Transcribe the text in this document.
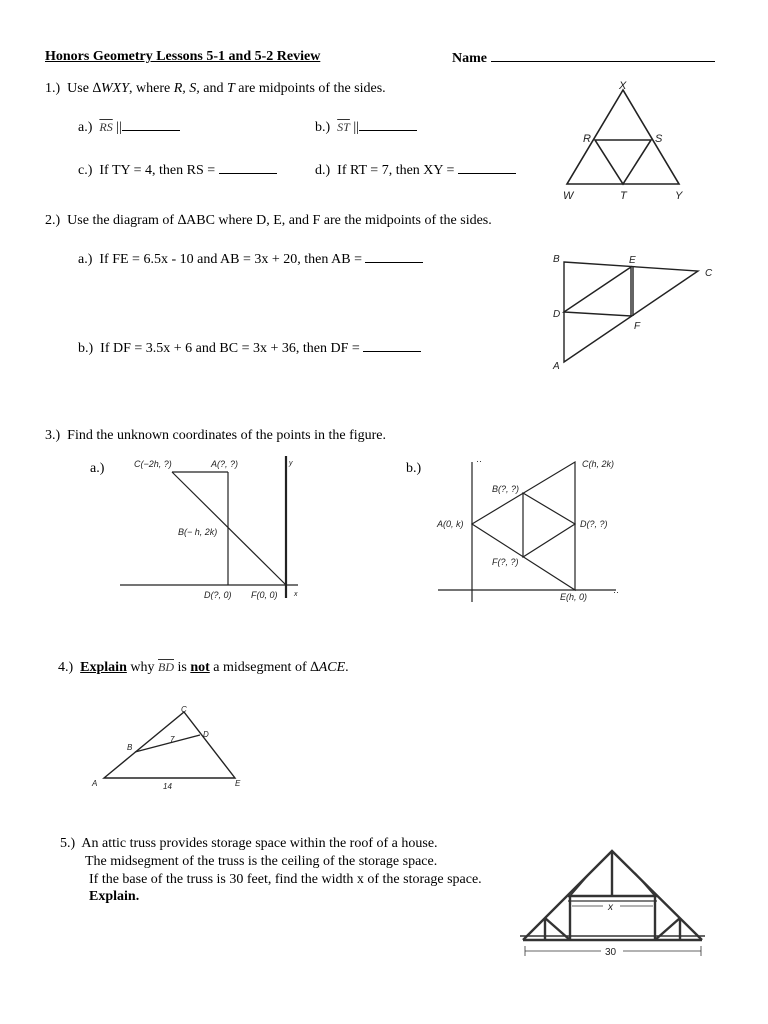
Honors Geometry Lessons 5-1 and 5-2 Review	Name
1.) Use ∆WXY, where R, S, and T are midpoints of the sides.
a.) $\overline{RS}$ ||	b.) $\overline{ST}$ ||
c.) If TY = 4, then RS =	d.) If RT = 7, then XY =
X
R	S
W	T	Y
2.) Use the diagram of ∆ABC where D, E, and F are the midpoints of the sides.
a.) If FE = 6.5x - 10 and AB = 3x + 20, then AB =
b.) If DF = 3.5x + 6 and BC = 3x + 36, then DF =
B	E
C
D
F
A
3.) Find the unknown coordinates of the points in the figure.
a.)	b.)
C(−2h, ?)	A(?, ?)	y
B(− h, 2k)
D(?, 0) F(0, 0) x
··	C(h, 2k)
B(?, ?)
A(0, k)	D(?, ?)
F(?, ?)
E(h, 0)	··
4.) Explain why $\overline{BD}$ is not a midsegment of ∆ACE.
C
B
D
A	E
7
14
5.) An attic truss provides storage space within the roof of a house.
The midsegment of the truss is the ceiling of the storage space.
If the base of the truss is 30 feet, find the width x of the storage space.
Explain.
x
30
